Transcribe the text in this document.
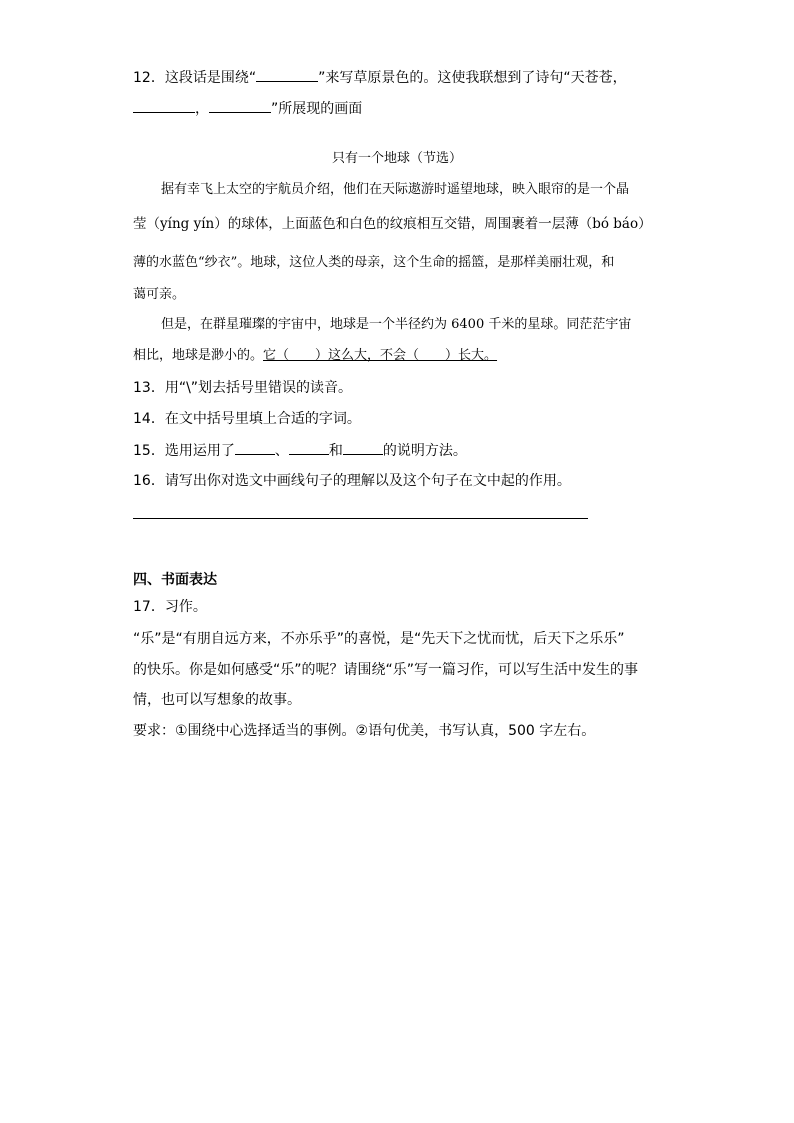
12．这段话是围绕“	”来写草原景色的。这使我联想到了诗句“天苍苍，
，	”所展现的画面
只有一个地球（节选）
据有幸飞上太空的宇航员介绍，他们在天际遨游时遥望地球，映入眼帘的是一个晶
莹（yíng yín）的球体，上面蓝色和白色的纹痕相互交错，周围裹着一层薄（bó báo）
薄的水蓝色“纱衣”。地球，这位人类的母亲，这个生命的摇篮，是那样美丽壮观，和
蔼可亲。
但是，在群星璀璨的宇宙中，地球是一个半径约为 6400 千米的星球。同茫茫宇宙
相比，地球是渺小的。它（　　）这么大，不会（　　）长大。
13．用“\”划去括号里错误的读音。
14．在文中括号里填上合适的字词。
15．选用运用了	、	和	的说明方法。
16．请写出你对选文中画线句子的理解以及这个句子在文中起的作用。
四、书面表达
17．习作。
“乐”是“有朋自远方来，不亦乐乎”的喜悦，是“先天下之忧而忧，后天下之乐乐”
的快乐。你是如何感受“乐”的呢？请围绕“乐”写一篇习作，可以写生活中发生的事
情，也可以写想象的故事。
要求：①围绕中心选择适当的事例。②语句优美，书写认真，500 字左右。
